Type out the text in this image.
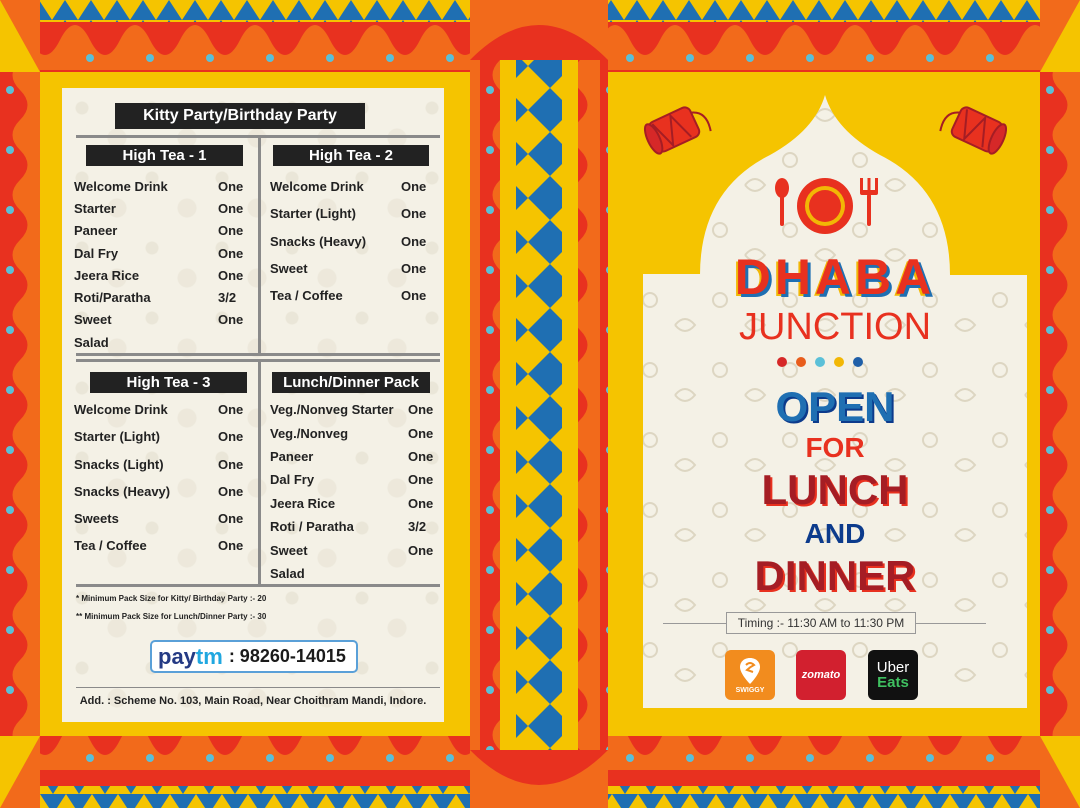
Kitty Party/Birthday Party
High Tea - 1
Welcome Drink	One
Starter	One
Paneer	One
Dal Fry	One
Jeera Rice	One
Roti/Paratha	3/2
Sweet	One
Salad
High Tea - 2
Welcome Drink	One
Starter (Light)	One
Snacks (Heavy)	One
Sweet	One
Tea / Coffee	One
High Tea - 3
Welcome Drink	One
Starter (Light)	One
Snacks (Light)	One
Snacks (Heavy)	One
Sweets	One
Tea / Coffee	One
Lunch/Dinner Pack
Veg./Nonveg Starter One
Veg./Nonveg	One
Paneer	One
Dal Fry	One
Jeera Rice	One
Roti / Paratha	3/2
Sweet	One
Salad
* Minimum Pack Size for Kitty/ Birthday Party :- 20
** Minimum Pack Size for Lunch/Dinner Party :- 30
pay tm : 98260-14015
Add. : Scheme No. 103, Main Road, Near Choithram Mandi, Indore.
DHABA
JUNCTION
OPEN
FOR
LUNCH
AND
DINNER
Timing :- 11:30 AM to 11:30 PM
SWIGGY
zomato Uber
Eats
